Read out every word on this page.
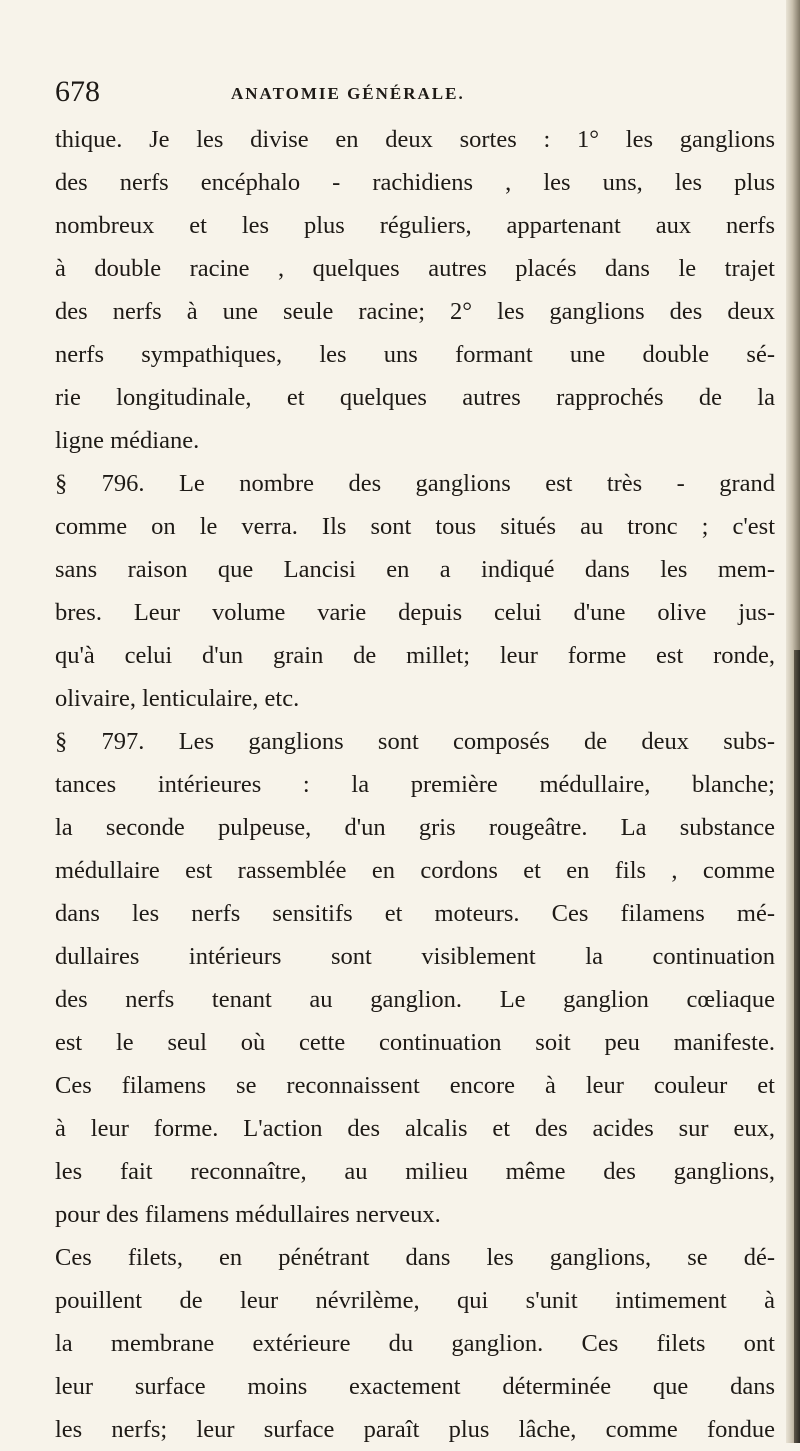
678	ANATOMIE GÉNÉRALE.
thique. Je les divise en deux sortes : 1° les ganglions
des nerfs encéphalo - rachidiens , les uns, les plus
nombreux et les plus réguliers, appartenant aux nerfs
à double racine , quelques autres placés dans le trajet
des nerfs à une seule racine; 2° les ganglions des deux
nerfs sympathiques, les uns formant une double sé-
rie longitudinale, et quelques autres rapprochés de la
ligne médiane.
§ 796. Le nombre des ganglions est très - grand
comme on le verra. Ils sont tous situés au tronc ; c'est
sans raison que Lancisi en a indiqué dans les mem-
bres. Leur volume varie depuis celui d'une olive jus-
qu'à celui d'un grain de millet; leur forme est ronde,
olivaire, lenticulaire, etc.
§ 797. Les ganglions sont composés de deux subs-
tances intérieures : la première médullaire, blanche;
la seconde pulpeuse, d'un gris rougeâtre. La substance
médullaire est rassemblée en cordons et en fils , comme
dans les nerfs sensitifs et moteurs. Ces filamens mé-
dullaires intérieurs sont visiblement la continuation
des nerfs tenant au ganglion. Le ganglion cœliaque
est le seul où cette continuation soit peu manifeste.
Ces filamens se reconnaissent encore à leur couleur et
à leur forme. L'action des alcalis et des acides sur eux,
les fait reconnaître, au milieu même des ganglions,
pour des filamens médullaires nerveux.
Ces filets, en pénétrant dans les ganglions, se dé-
pouillent de leur névrilème, qui s'unit intimement à
la membrane extérieure du ganglion. Ces filets ont
leur surface moins exactement déterminée que dans
les nerfs; leur surface paraît plus lâche, comme fondue
